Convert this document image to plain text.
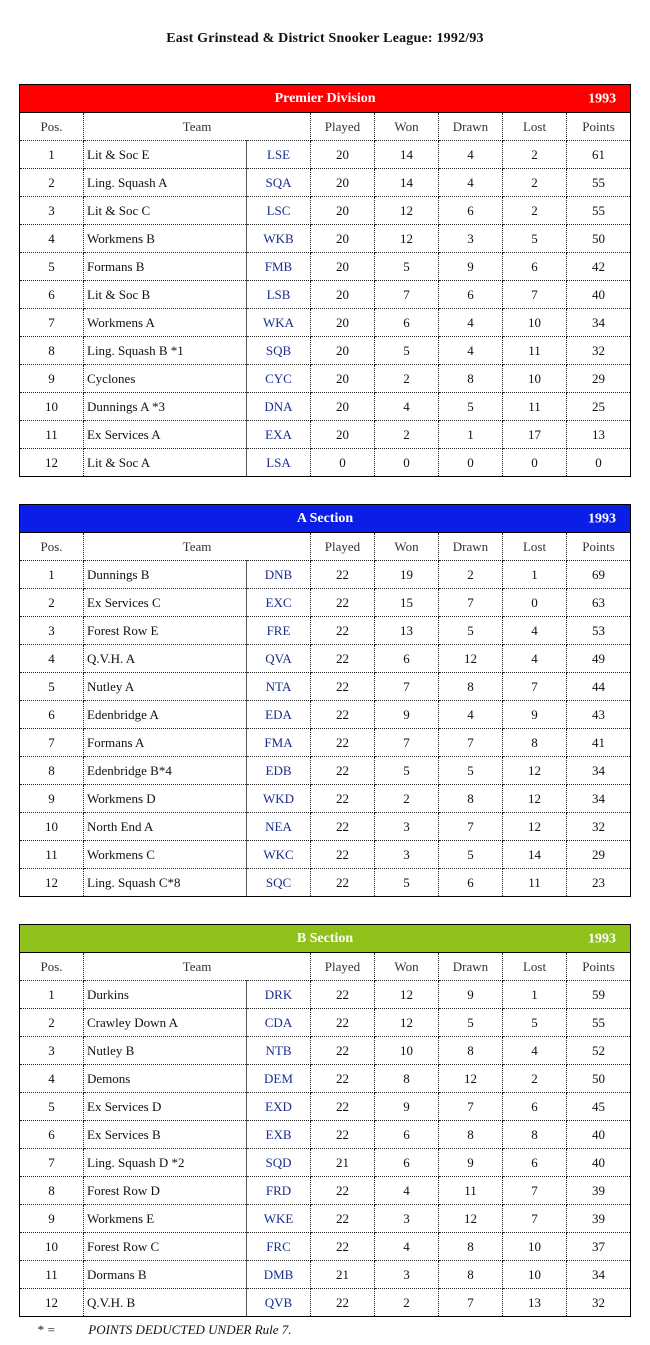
East Grinstead & District Snooker League: 1992/93
Premier Division 1993							

Pos.	Team		Played	Won	Drawn	Lost	Points
1	Lit & Soc E	LSE	20	14	4	2	61
2	Ling. Squash A	SQA	20	14	4	2	55
3	Lit & Soc C	LSC	20	12	6	2	55
4	Workmens B	WKB	20	12	3	5	50
5	Formans B	FMB	20	5	9	6	42
6	Lit & Soc B	LSB	20	7	6	7	40
7	Workmens A	WKA	20	6	4	10	34
8	Ling. Squash B *1	SQB	20	5	4	11	32
9	Cyclones	CYC	20	2	8	10	29
10	Dunnings A *3	DNA	20	4	5	11	25
11	Ex Services A	EXA	20	2	1	17	13
12	Lit & Soc A	LSA	0	0	0	0	0
A Section 1993							

Pos.	Team		Played	Won	Drawn	Lost	Points
1	Dunnings B	DNB	22	19	2	1	69
2	Ex Services C	EXC	22	15	7	0	63
3	Forest Row E	FRE	22	13	5	4	53
4	Q.V.H. A	QVA	22	6	12	4	49
5	Nutley A	NTA	22	7	8	7	44
6	Edenbridge A	EDA	22	9	4	9	43
7	Formans A	FMA	22	7	7	8	41
8	Edenbridge B*4	EDB	22	5	5	12	34
9	Workmens D	WKD	22	2	8	12	34
10	North End A	NEA	22	3	7	12	32
11	Workmens C	WKC	22	3	5	14	29
12	Ling. Squash C*8	SQC	22	5	6	11	23
B Section 1993							

Pos.	Team		Played	Won	Drawn	Lost	Points
1	Durkins	DRK	22	12	9	1	59
2	Crawley Down A	CDA	22	12	5	5	55
3	Nutley B	NTB	22	10	8	4	52
4	Demons	DEM	22	8	12	2	50
5	Ex Services D	EXD	22	9	7	6	45
6	Ex Services B	EXB	22	6	8	8	40
7	Ling. Squash D *2	SQD	21	6	9	6	40
8	Forest Row D	FRD	22	4	11	7	39
9	Workmens E	WKE	22	3	12	7	39
10	Forest Row C	FRC	22	4	8	10	37
11	Dormans B	DMB	21	3	8	10	34
12	Q.V.H. B	QVB	22	2	7	13	32
* =	POINTS DEDUCTED UNDER Rule 7.
